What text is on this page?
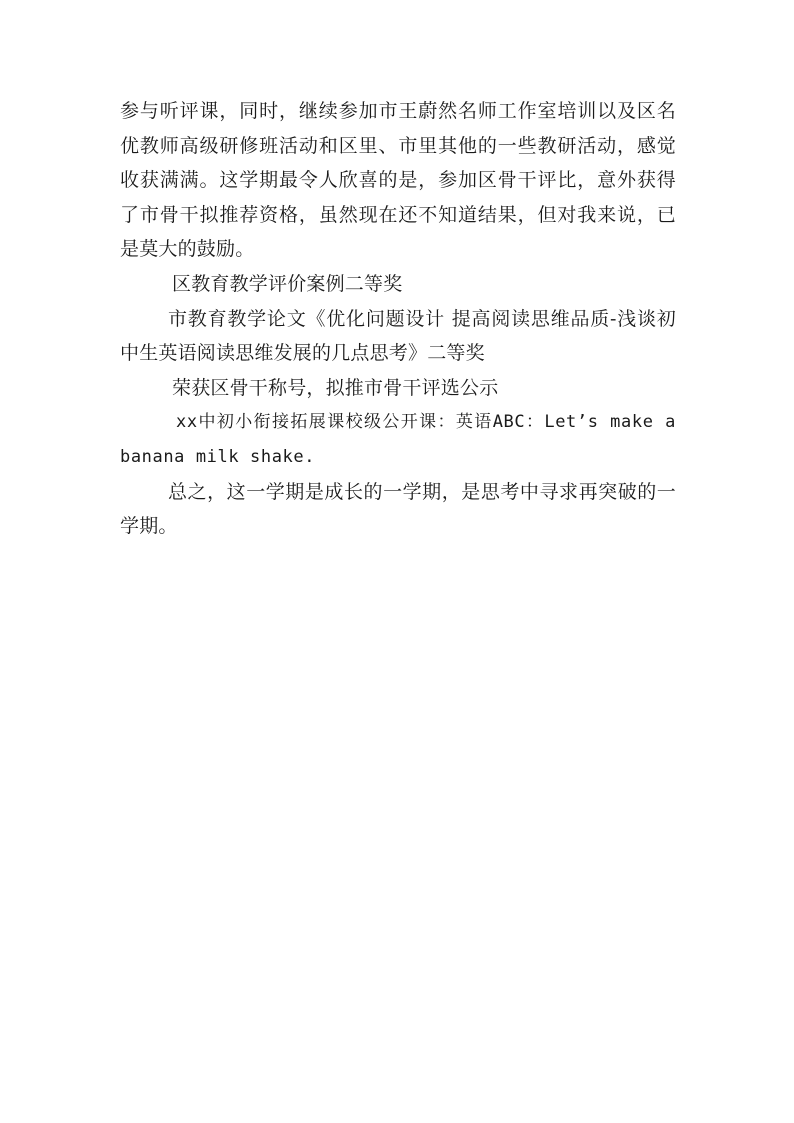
参与听评课，同时，继续参加市王蔚然名师工作室培训以及区名优教师高级研修班活动和区里、市里其他的一些教研活动，感觉收获满满。这学期最令人欣喜的是，参加区骨干评比，意外获得了市骨干拟推荐资格，虽然现在还不知道结果，但对我来说，已是莫大的鼓励。

区教育教学评价案例二等奖

市教育教学论文《优化问题设计 提高阅读思维品质-浅谈初中生英语阅读思维发展的几点思考》二等奖

荣获区骨干称号，拟推市骨干评选公示

xx中初小衔接拓展课校级公开课：英语ABC：Let’s make a banana milk shake.

总之，这一学期是成长的一学期，是思考中寻求再突破的一学期。
